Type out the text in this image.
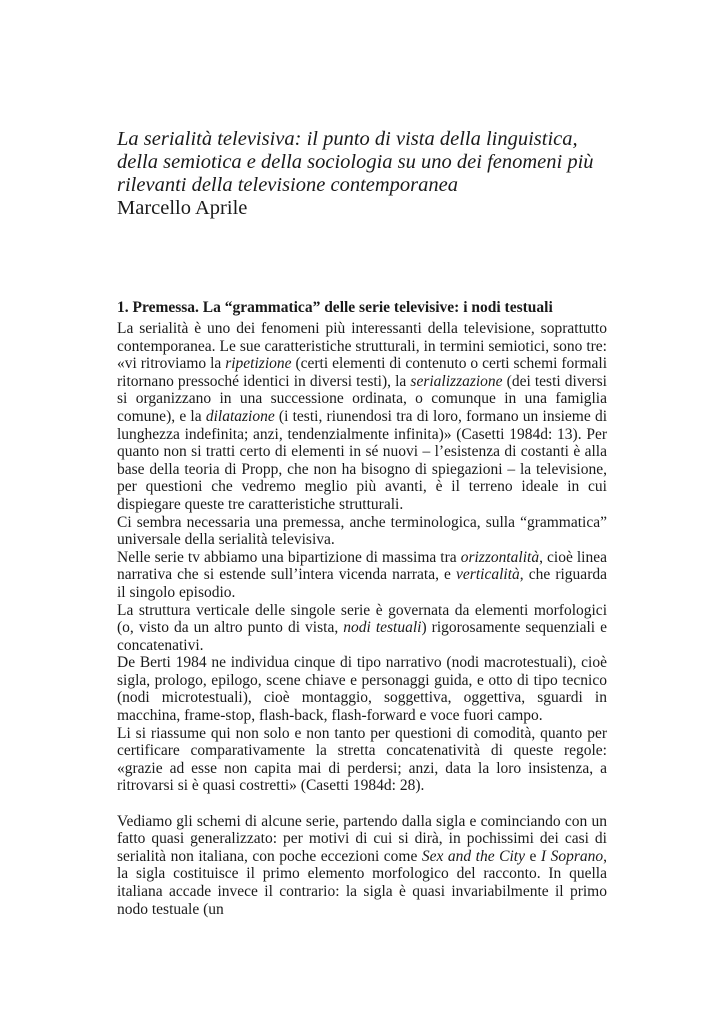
La serialità televisiva: il punto di vista della linguistica, della semiotica e della sociologia su uno dei fenomeni più rilevanti della televisione contemporanea

Marcello Aprile

1. Premessa. La “grammatica” delle serie televisive: i nodi testuali

La serialità è uno dei fenomeni più interessanti della televisione, soprattutto contemporanea. Le sue caratteristiche strutturali, in termini semiotici, sono tre: «vi ritroviamo la ripetizione (certi elementi di contenuto o certi schemi formali ritornano pressoché identici in diversi testi), la serializzazione (dei testi diversi si organizzano in una successione ordinata, o comunque in una famiglia comune), e la dilatazione (i testi, riunendosi tra di loro, formano un insieme di lunghezza indefinita; anzi, tendenzialmente infinita)» (Casetti 1984d: 13). Per quanto non si tratti certo di elementi in sé nuovi – l’esistenza di costanti è alla base della teoria di Propp, che non ha bisogno di spiegazioni – la televisione, per questioni che vedremo meglio più avanti, è il terreno ideale in cui dispiegare queste tre caratteristiche strutturali.

Ci sembra necessaria una premessa, anche terminologica, sulla “grammatica” universale della serialità televisiva.

Nelle serie tv abbiamo una bipartizione di massima tra orizzontalità, cioè linea narrativa che si estende sull’intera vicenda narrata, e verticalità, che riguarda il singolo episodio.

La struttura verticale delle singole serie è governata da elementi morfologici (o, visto da un altro punto di vista, nodi testuali) rigorosamente sequenziali e concatenativi.

De Berti 1984 ne individua cinque di tipo narrativo (nodi macrotestuali), cioè sigla, prologo, epilogo, scene chiave e personaggi guida, e otto di tipo tecnico (nodi microtestuali), cioè montaggio, soggettiva, oggettiva, sguardi in macchina, frame-stop, flash-back, flash-forward e voce fuori campo.

Li si riassume qui non solo e non tanto per questioni di comodità, quanto per certificare comparativamente la stretta concatenatività di queste regole: «grazie ad esse non capita mai di perdersi; anzi, data la loro insistenza, a ritrovarsi si è quasi costretti» (Casetti 1984d: 28).

Vediamo gli schemi di alcune serie, partendo dalla sigla e cominciando con un fatto quasi generalizzato: per motivi di cui si dirà, in pochissimi dei casi di serialità non italiana, con poche eccezioni come Sex and the City e I Soprano, la sigla costituisce il primo elemento morfologico del racconto. In quella italiana accade invece il contrario: la sigla è quasi invariabilmente il primo nodo testuale (un
